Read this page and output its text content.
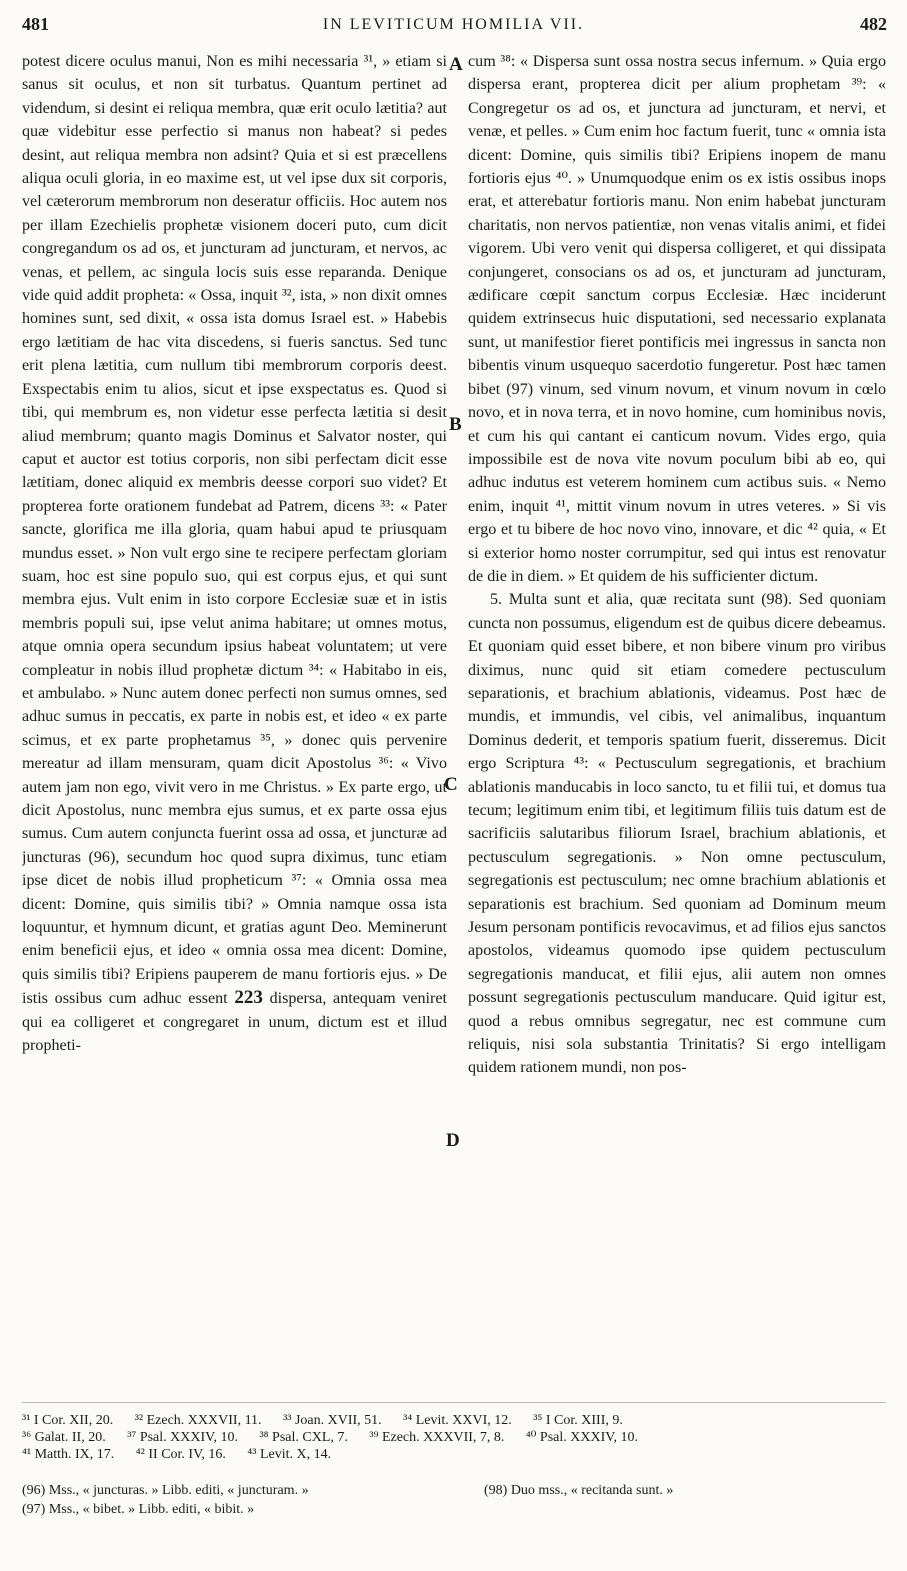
481	IN LEVITICUM HOMILIA VII.	482
A
B
C
D

potest dicere oculus manui, Non es mihi necessaria ³¹, » etiam si sanus sit oculus, et non sit turbatus. Quantum pertinet ad videndum, si desint ei reliqua membra, quæ erit oculo lætitia? aut quæ videbitur esse perfectio si manus non habeat? si pedes desint, aut reliqua membra non adsint? Quia et si est præcellens aliqua oculi gloria, in eo maxime est, ut vel ipse dux sit corporis, vel cæterorum membrorum non deseratur officiis. Hoc autem nos per illam Ezechielis prophetæ visionem doceri puto, cum dicit congregandum os ad os, et juncturam ad juncturam, et nervos, ac venas, et pellem, ac singula locis suis esse reparanda. Denique vide quid addit propheta: « Ossa, inquit ³², ista, » non dixit omnes homines sunt, sed dixit, « ossa ista domus Israel est. » Habebis ergo lætitiam de hac vita discedens, si fueris sanctus. Sed tunc erit plena lætitia, cum nullum tibi membrorum corporis deest. Exspectabis enim tu alios, sicut et ipse exspectatus es. Quod si tibi, qui membrum es, non videtur esse perfecta lætitia si desit aliud membrum; quanto magis Dominus et Salvator noster, qui caput et auctor est totius corporis, non sibi perfectam dicit esse lætitiam, donec aliquid ex membris deesse corpori suo videt? Et propterea forte orationem fundebat ad Patrem, dicens ³³: « Pater sancte, glorifica me illa gloria, quam habui apud te priusquam mundus esset. » Non vult ergo sine te recipere perfectam gloriam suam, hoc est sine populo suo, qui est corpus ejus, et qui sunt membra ejus. Vult enim in isto corpore Ecclesiæ suæ et in istis membris populi sui, ipse velut anima habitare; ut omnes motus, atque omnia opera secundum ipsius habeat voluntatem; ut vere compleatur in nobis illud prophetæ dictum ³⁴: « Habitabo in eis, et ambulabo. » Nunc autem donec perfecti non sumus omnes, sed adhuc sumus in peccatis, ex parte in nobis est, et ideo « ex parte scimus, et ex parte prophetamus ³⁵, » donec quis pervenire mereatur ad illam mensuram, quam dicit Apostolus ³⁶: « Vivo autem jam non ego, vivit vero in me Christus. » Ex parte ergo, ut dicit Apostolus, nunc membra ejus sumus, et ex parte ossa ejus sumus. Cum autem conjuncta fuerint ossa ad ossa, et juncturæ ad juncturas (96), secundum hoc quod supra diximus, tunc etiam ipse dicet de nobis illud propheticum ³⁷: « Omnia ossa mea dicent: Domine, quis similis tibi? » Omnia namque ossa ista loquuntur, et hymnum dicunt, et gratias agunt Deo. Meminerunt enim beneficii ejus, et ideo « omnia ossa mea dicent: Domine, quis similis tibi? Eripiens pauperem de manu fortioris ejus. » De istis ossibus cum adhuc essent 223 dispersa, antequam veniret qui ea colligeret et congregaret in unum, dictum est et illud propheti-

cum ³⁸: « Dispersa sunt ossa nostra secus infernum. » Quia ergo dispersa erant, propterea dicit per alium prophetam ³⁹: « Congregetur os ad os, et junctura ad juncturam, et nervi, et venæ, et pelles. » Cum enim hoc factum fuerit, tunc « omnia ista dicent: Domine, quis similis tibi? Eripiens inopem de manu fortioris ejus ⁴⁰. » Unumquodque enim os ex istis ossibus inops erat, et atterebatur fortioris manu. Non enim habebat juncturam charitatis, non nervos patientiæ, non venas vitalis animi, et fidei vigorem. Ubi vero venit qui dispersa colligeret, et qui dissipata conjungeret, consocians os ad os, et juncturam ad juncturam, ædificare cœpit sanctum corpus Ecclesiæ. Hæc inciderunt quidem extrinsecus huic disputationi, sed necessario explanata sunt, ut manifestior fieret pontificis mei ingressus in sancta non bibentis vinum usquequo sacerdotio fungeretur. Post hæc tamen bibet (97) vinum, sed vinum novum, et vinum novum in cœlo novo, et in nova terra, et in novo homine, cum hominibus novis, et cum his qui cantant ei canticum novum. Vides ergo, quia impossibile est de nova vite novum poculum bibi ab eo, qui adhuc indutus est veterem hominem cum actibus suis. « Nemo enim, inquit ⁴¹, mittit vinum novum in utres veteres. » Si vis ergo et tu bibere de hoc novo vino, innovare, et dic ⁴² quia, « Et si exterior homo noster corrumpitur, sed qui intus est renovatur de die in diem. » Et quidem de his sufficienter dictum.

5. Multa sunt et alia, quæ recitata sunt (98). Sed quoniam cuncta non possumus, eligendum est de quibus dicere debeamus. Et quoniam quid esset bibere, et non bibere vinum pro viribus diximus, nunc quid sit etiam comedere pectusculum separationis, et brachium ablationis, videamus. Post hæc de mundis, et immundis, vel cibis, vel animalibus, inquantum Dominus dederit, et temporis spatium fuerit, disseremus. Dicit ergo Scriptura ⁴³: « Pectusculum segregationis, et brachium ablationis manducabis in loco sancto, tu et filii tui, et domus tua tecum; legitimum enim tibi, et legitimum filiis tuis datum est de sacrificiis salutaribus filiorum Israel, brachium ablationis, et pectusculum segregationis. » Non omne pectusculum, segregationis est pectusculum; nec omne brachium ablationis et separationis est brachium. Sed quoniam ad Dominum meum Jesum personam pontificis revocavimus, et ad filios ejus sanctos apostolos, videamus quomodo ipse quidem pectusculum segregationis manducat, et filii ejus, alii autem non omnes possunt segregationis pectusculum manducare. Quid igitur est, quod a rebus omnibus segregatur, nec est commune cum reliquis, nisi sola substantia Trinitatis? Si ergo intelligam quidem rationem mundi, non pos-

³¹ I Cor. XII, 20. ³² Ezech. XXXVII, 11. ³³ Joan. XVII, 51. ³⁴ Levit. XXVI, 12. ³⁵ I Cor. XIII, 9.
³⁶ Galat. II, 20. ³⁷ Psal. XXXIV, 10. ³⁸ Psal. CXL, 7. ³⁹ Ezech. XXXVII, 7, 8. ⁴⁰ Psal. XXXIV, 10.
⁴¹ Matth. IX, 17. ⁴² II Cor. IV, 16. ⁴³ Levit. X, 14.
(96) Mss., « juncturas. » Libb. editi, « juncturam. »
(97) Mss., « bibet. » Libb. editi, « bibit. »
(98) Duo mss., « recitanda sunt. »
